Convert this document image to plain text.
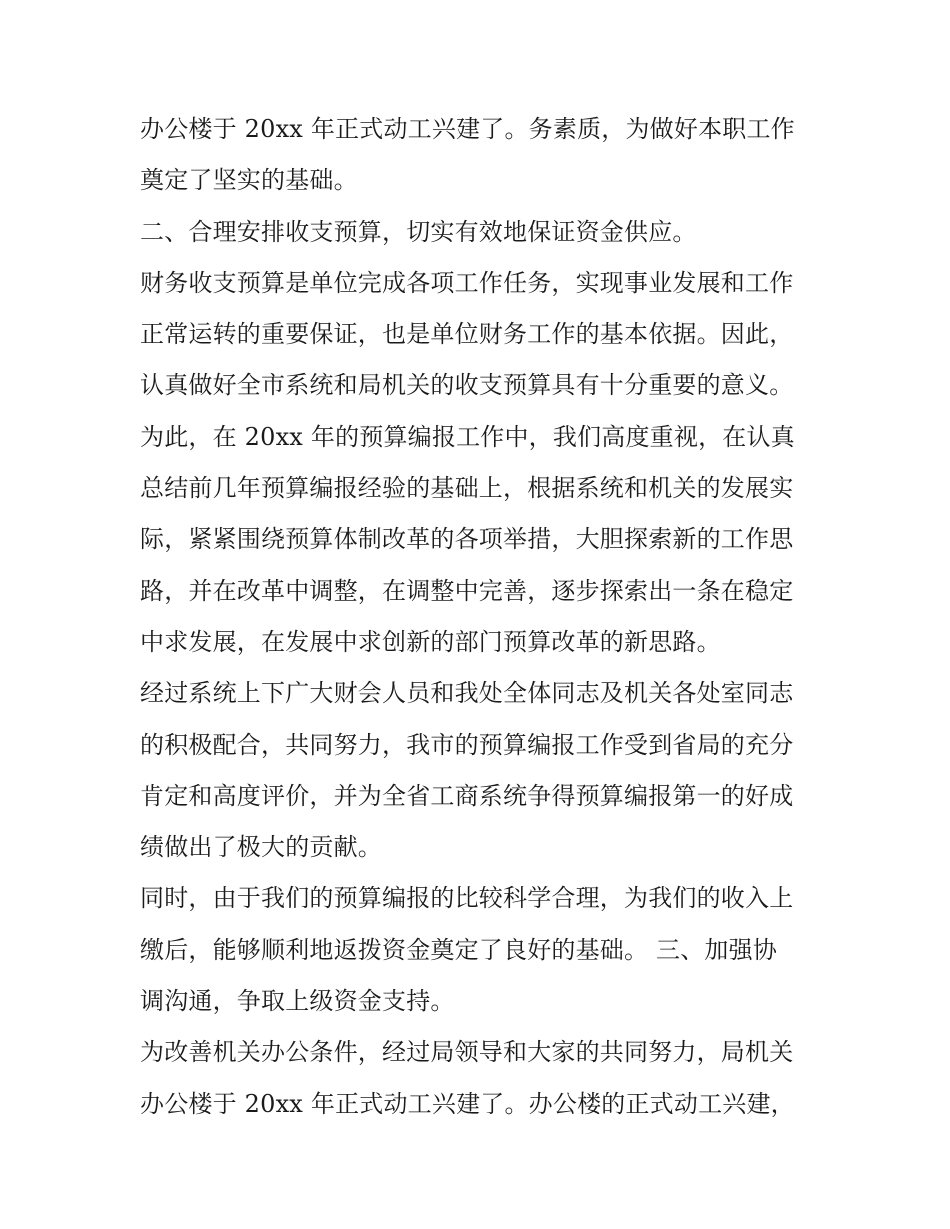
办公楼于 20xx 年正式动工兴建了。务素质，为做好本职工作
奠定了坚实的基础。
二、合理安排收支预算，切实有效地保证资金供应。
财务收支预算是单位完成各项工作任务，实现事业发展和工作
正常运转的重要保证，也是单位财务工作的基本依据。因此，
认真做好全市系统和局机关的收支预算具有十分重要的意义。
为此，在 20xx 年的预算编报工作中，我们高度重视，在认真
总结前几年预算编报经验的基础上，根据系统和机关的发展实
际，紧紧围绕预算体制改革的各项举措，大胆探索新的工作思
路，并在改革中调整，在调整中完善，逐步探索出一条在稳定
中求发展，在发展中求创新的部门预算改革的新思路。
经过系统上下广大财会人员和我处全体同志及机关各处室同志
的积极配合，共同努力，我市的预算编报工作受到省局的充分
肯定和高度评价，并为全省工商系统争得预算编报第一的好成
绩做出了极大的贡献。
同时，由于我们的预算编报的比较科学合理，为我们的收入上
缴后，能够顺利地返拨资金奠定了良好的基础。 三、加强协
调沟通，争取上级资金支持。
为改善机关办公条件，经过局领导和大家的共同努力，局机关
办公楼于 20xx 年正式动工兴建了。办公楼的正式动工兴建，
